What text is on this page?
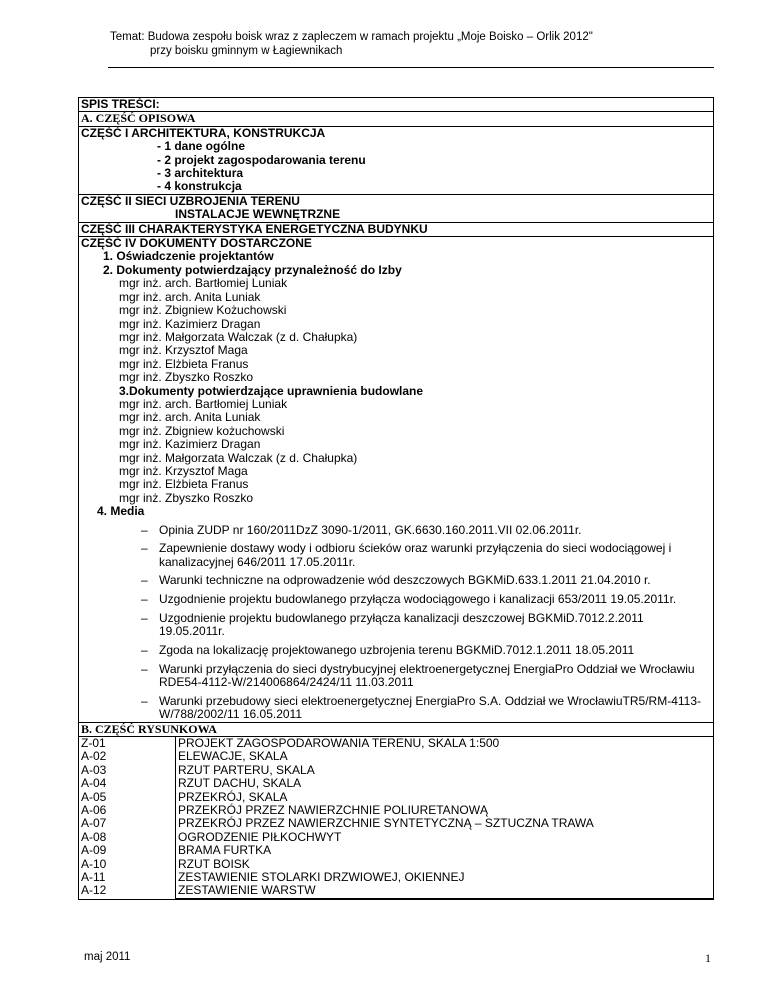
Temat: Budowa zespołu boisk wraz z zapleczem w ramach projektu „Moje Boisko – Orlik 2012"
przy boisku gminnym w Łagiewnikach
SPIS TREŚCI:
A. CZĘŚĆ OPISOWA
CZĘŚĆ I ARCHITEKTURA, KONSTRUKCJA
- 1 dane ogólne
- 2 projekt zagospodarowania terenu
- 3 architektura
- 4 konstrukcja
CZĘŚĆ II SIECI UZBROJENIA TERENU
INSTALACJE WEWNĘTRZNE
CZĘŚĆ III CHARAKTERYSTYKA ENERGETYCZNA BUDYNKU
CZĘŚĆ IV DOKUMENTY DOSTARCZONE
1. Oświadczenie projektantów
2. Dokumenty potwierdzający przynależność do Izby
mgr inż. arch. Bartłomiej Luniak
mgr inż. arch. Anita Luniak
mgr inż. Zbigniew Kożuchowski
mgr inż. Kazimierz Dragan
mgr inż. Małgorzata Walczak (z d. Chałupka)
mgr inż. Krzysztof Maga
mgr inż. Elżbieta Franus
mgr inż. Zbyszko Roszko
3.Dokumenty potwierdzające uprawnienia budowlane
mgr inż. arch. Bartłomiej Luniak
mgr inż. arch. Anita Luniak
mgr inż. Zbigniew kożuchowski
mgr inż. Kazimierz Dragan
mgr inż. Małgorzata Walczak (z d. Chałupka)
mgr inż. Krzysztof Maga
mgr inż. Elżbieta Franus
mgr inż. Zbyszko Roszko
4. Media
– Opinia ZUDP nr 160/2011DzZ 3090-1/2011, GK.6630.160.2011.VII 02.06.2011r.
– Zapewnienie dostawy wody i odbioru ścieków oraz warunki przyłączenia do sieci wodociągowej i kanalizacyjnej 646/2011 17.05.2011r.
– Warunki techniczne na odprowadzenie wód deszczowych BGKMiD.633.1.2011 21.04.2010 r.
– Uzgodnienie projektu budowlanego przyłącza wodociągowego i kanalizacji 653/2011 19.05.2011r.
– Uzgodnienie projektu budowlanego przyłącza kanalizacji deszczowej BGKMiD.7012.2.2011 19.05.2011r.
– Zgoda na lokalizację projektowanego uzbrojenia terenu BGKMiD.7012.1.2011 18.05.2011
– Warunki przyłączenia do sieci dystrybucyjnej elektroenergetycznej EnergiaPro Oddział we Wrocławiu RDE54-4112-W/214006864/2424/11 11.03.2011
– Warunki przebudowy sieci elektroenergetycznej EnergiaPro S.A. Oddział we WrocławiuTR5/RM-4113-W/788/2002/11 16.05.2011
B. CZĘŚĆ RYSUNKOWA
Z-01	PROJEKT ZAGOSPODAROWANIA TERENU, SKALA 1:500
A-02	ELEWACJE, SKALA
A-03	RZUT PARTERU, SKALA
A-04	RZUT DACHU, SKALA
A-05	PRZEKRÓJ, SKALA
A-06	PRZEKRÓJ PRZEZ NAWIERZCHNIE POLIURETANOWĄ
A-07	PRZEKRÓJ PRZEZ NAWIERZCHNIE SYNTETYCZNĄ – SZTUCZNA TRAWA
A-08	OGRODZENIE PIŁKOCHWYT
A-09	BRAMA FURTKA
A-10	RZUT BOISK
A-11	ZESTAWIENIE STOLARKI DRZWIOWEJ, OKIENNEJ
A-12	ZESTAWIENIE WARSTW
maj 2011	1
